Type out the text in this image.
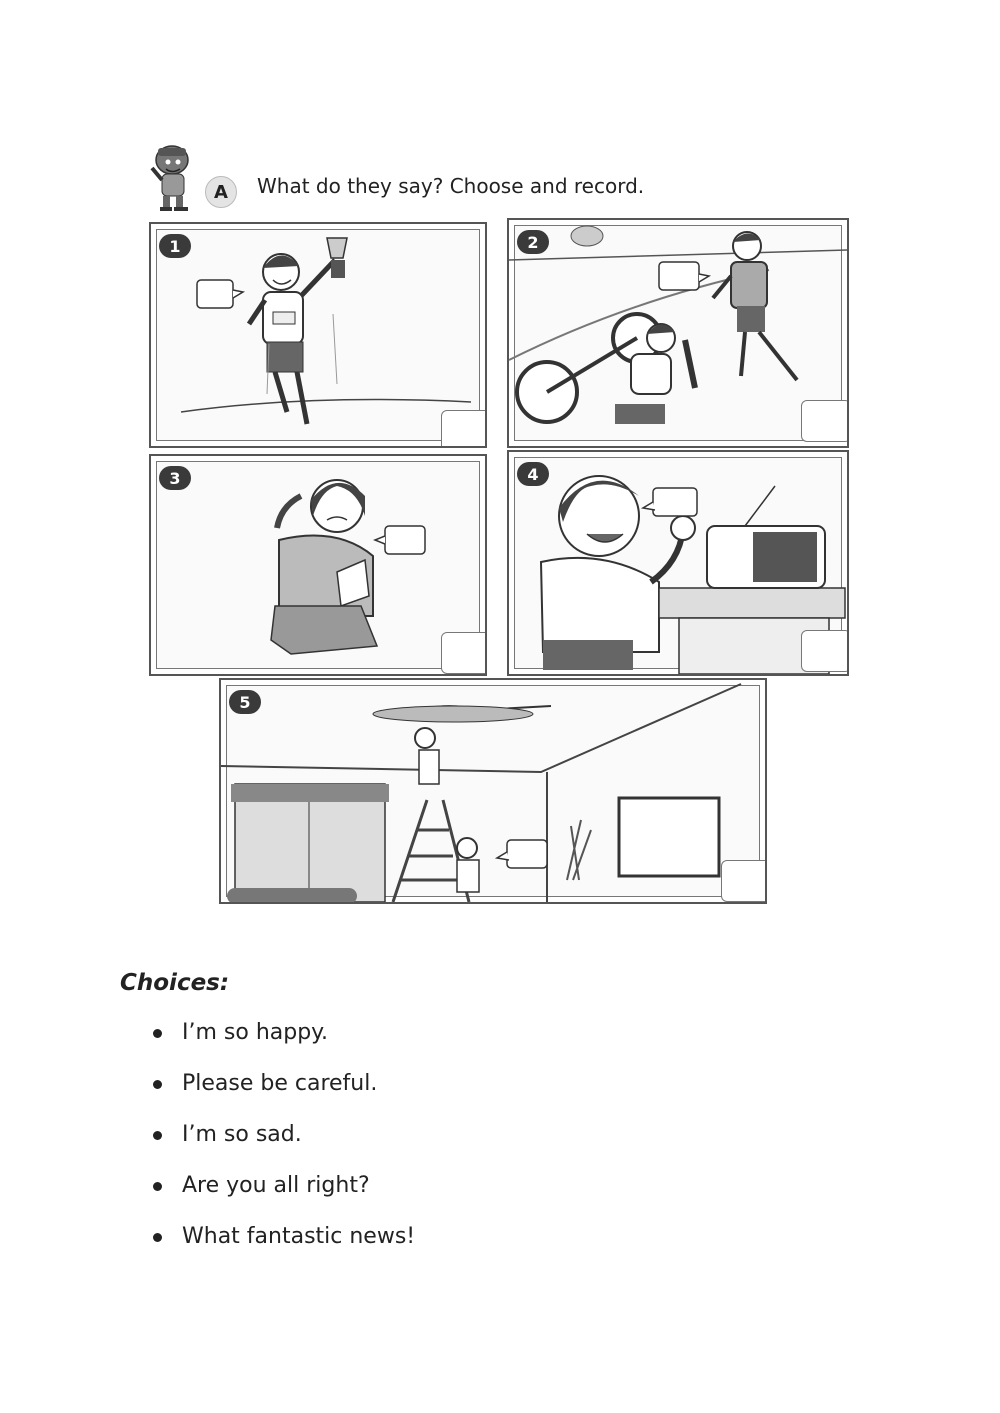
A	What do they say? Choose and record.
1	2
3	4
5
Choices:
I’m so happy.
Please be careful.
I’m so sad.
Are you all right?
What fantastic news!
